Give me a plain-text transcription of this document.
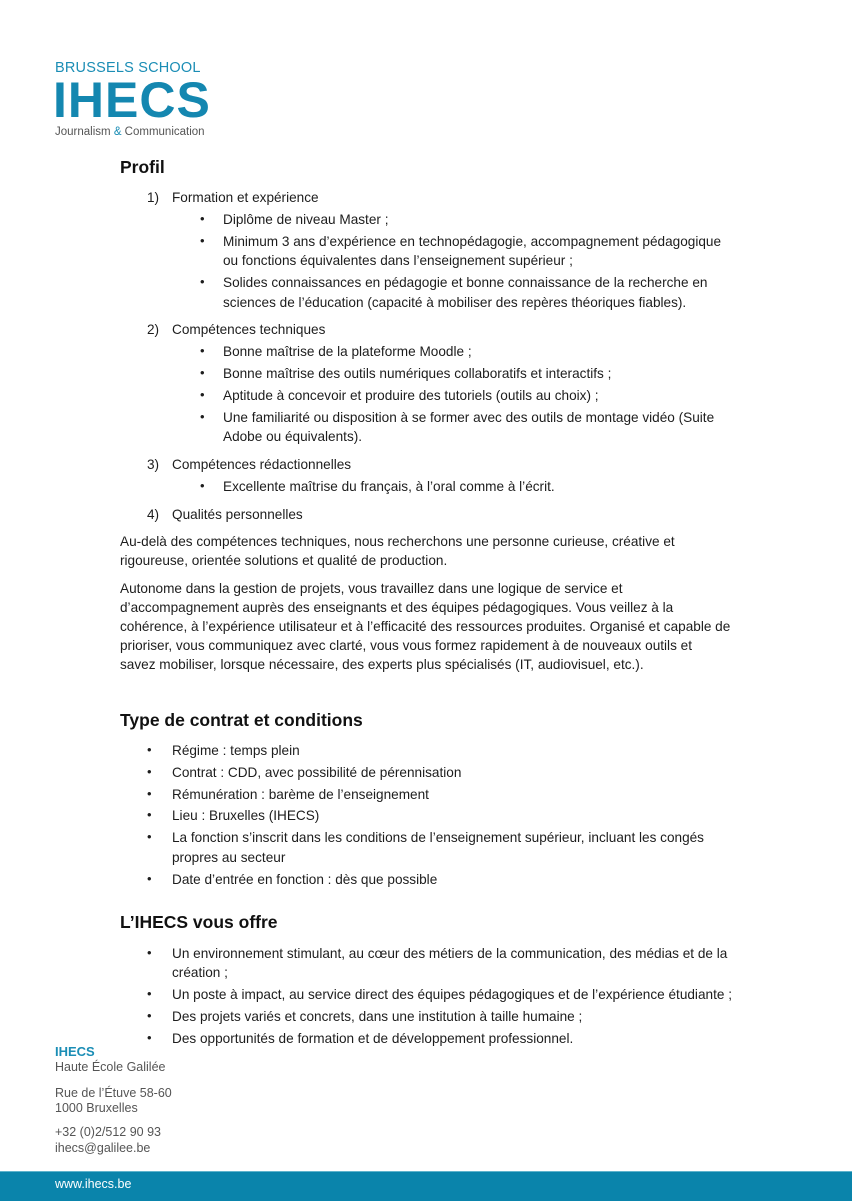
BRUSSELS SCHOOL
IHECS
Journalism & Communication
Profil
1) Formation et expérience
• Diplôme de niveau Master ;
• Minimum 3 ans d’expérience en technopédagogie, accompagnement pédagogique
ou fonctions équivalentes dans l’enseignement supérieur ;
• Solides connaissances en pédagogie et bonne connaissance de la recherche en
sciences de l’éducation (capacité à mobiliser des repères théoriques fiables).
2) Compétences techniques
• Bonne maîtrise de la plateforme Moodle ;
• Bonne maîtrise des outils numériques collaboratifs et interactifs ;
• Aptitude à concevoir et produire des tutoriels (outils au choix) ;
• Une familiarité ou disposition à se former avec des outils de montage vidéo (Suite
Adobe ou équivalents).
3) Compétences rédactionnelles
• Excellente maîtrise du français, à l’oral comme à l’écrit.
4) Qualités personnelles
Au-delà des compétences techniques, nous recherchons une personne curieuse, créative et
rigoureuse, orientée solutions et qualité de production.
Autonome dans la gestion de projets, vous travaillez dans une logique de service et
d’accompagnement auprès des enseignants et des équipes pédagogiques. Vous veillez à la
cohérence, à l’expérience utilisateur et à l’efficacité des ressources produites. Organisé et capable de
prioriser, vous communiquez avec clarté, vous vous formez rapidement à de nouveaux outils et
savez mobiliser, lorsque nécessaire, des experts plus spécialisés (IT, audiovisuel, etc.).
Type de contrat et conditions
• Régime : temps plein
• Contrat : CDD, avec possibilité de pérennisation
• Rémunération : barème de l’enseignement
• Lieu : Bruxelles (IHECS)
• La fonction s’inscrit dans les conditions de l’enseignement supérieur, incluant les congés
propres au secteur
• Date d’entrée en fonction : dès que possible
L’IHECS vous offre
• Un environnement stimulant, au cœur des métiers de la communication, des médias et de la
création ;
• Un poste à impact, au service direct des équipes pédagogiques et de l’expérience étudiante ;
• Des projets variés et concrets, dans une institution à taille humaine ;
• Des opportunités de formation et de développement professionnel.
IHECS
Haute École Galilée
Rue de l’Étuve 58-60
1000 Bruxelles
+32 (0)2/512 90 93
ihecs@galilee.be
www.ihecs.be
